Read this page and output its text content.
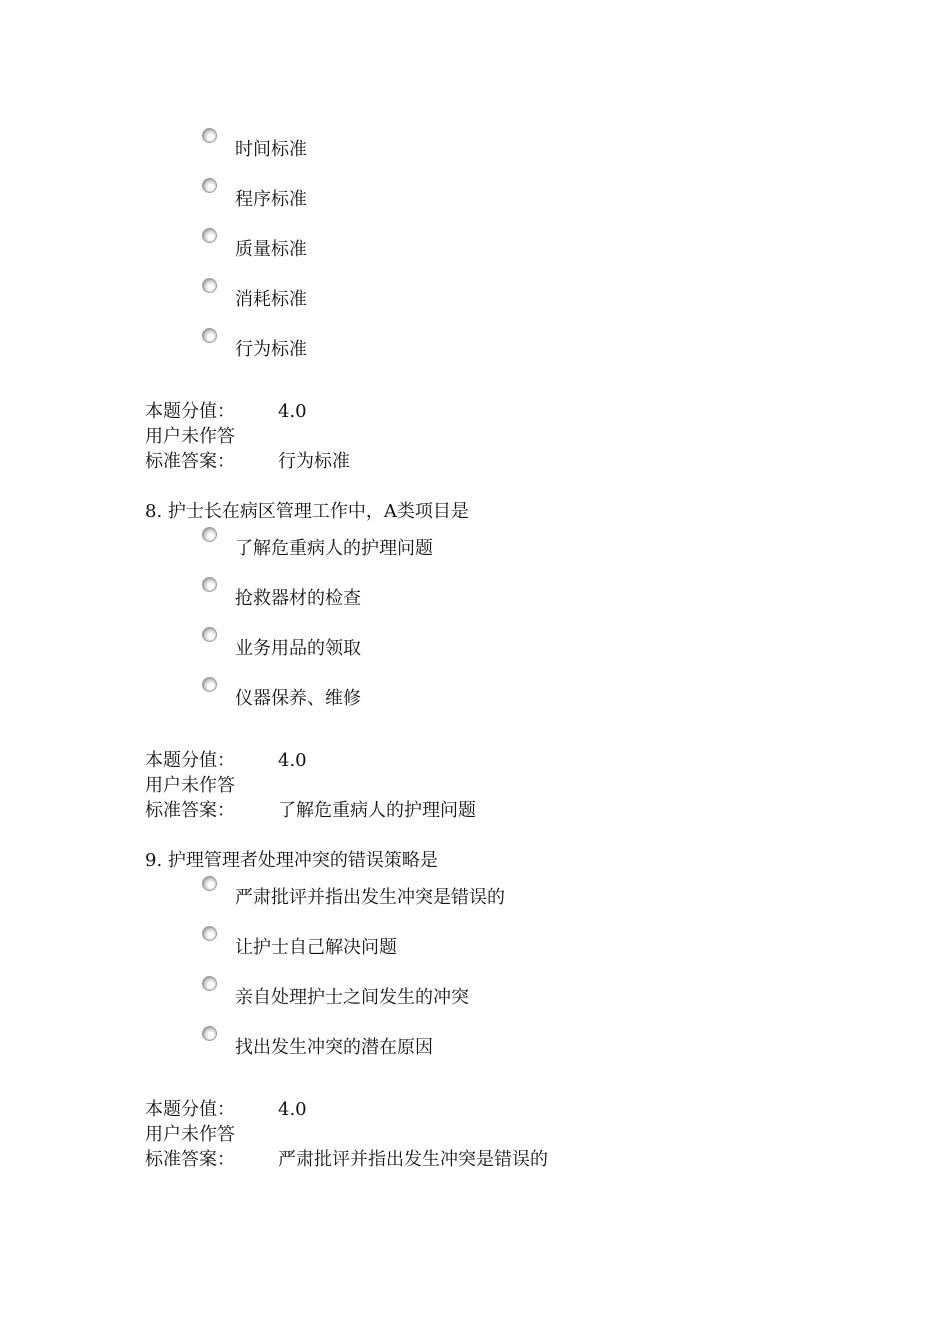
时间标准
程序标准
质量标准
消耗标准
行为标准
本题分值： 4.0
用户未作答
标准答案： 行为标准
8. 护士长在病区管理工作中，A类项目是
了解危重病人的护理问题
抢救器材的检查
业务用品的领取
仪器保养、维修
本题分值： 4.0
用户未作答
标准答案： 了解危重病人的护理问题
9. 护理管理者处理冲突的错误策略是
严肃批评并指出发生冲突是错误的
让护士自己解决问题
亲自处理护士之间发生的冲突
找出发生冲突的潜在原因
本题分值： 4.0
用户未作答
标准答案： 严肃批评并指出发生冲突是错误的
